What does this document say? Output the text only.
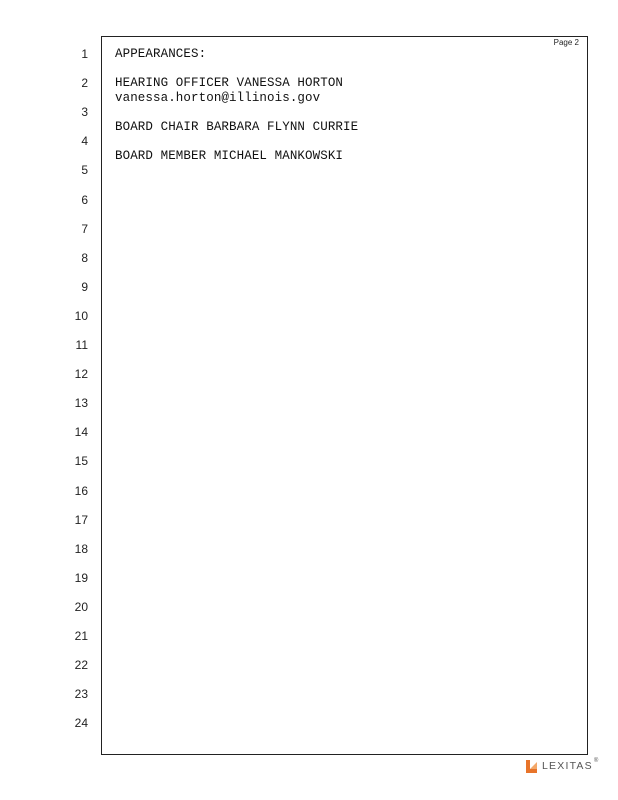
Page 2
1
2
3
4
5
6
7
8
9
10
11
12
13
14
15
16
17
18
19
20
21
22
23
24
APPEARANCES:
HEARING OFFICER VANESSA HORTON
vanessa.horton@illinois.gov
BOARD CHAIR BARBARA FLYNN CURRIE
BOARD MEMBER MICHAEL MANKOWSKI
LEXITAS ®
